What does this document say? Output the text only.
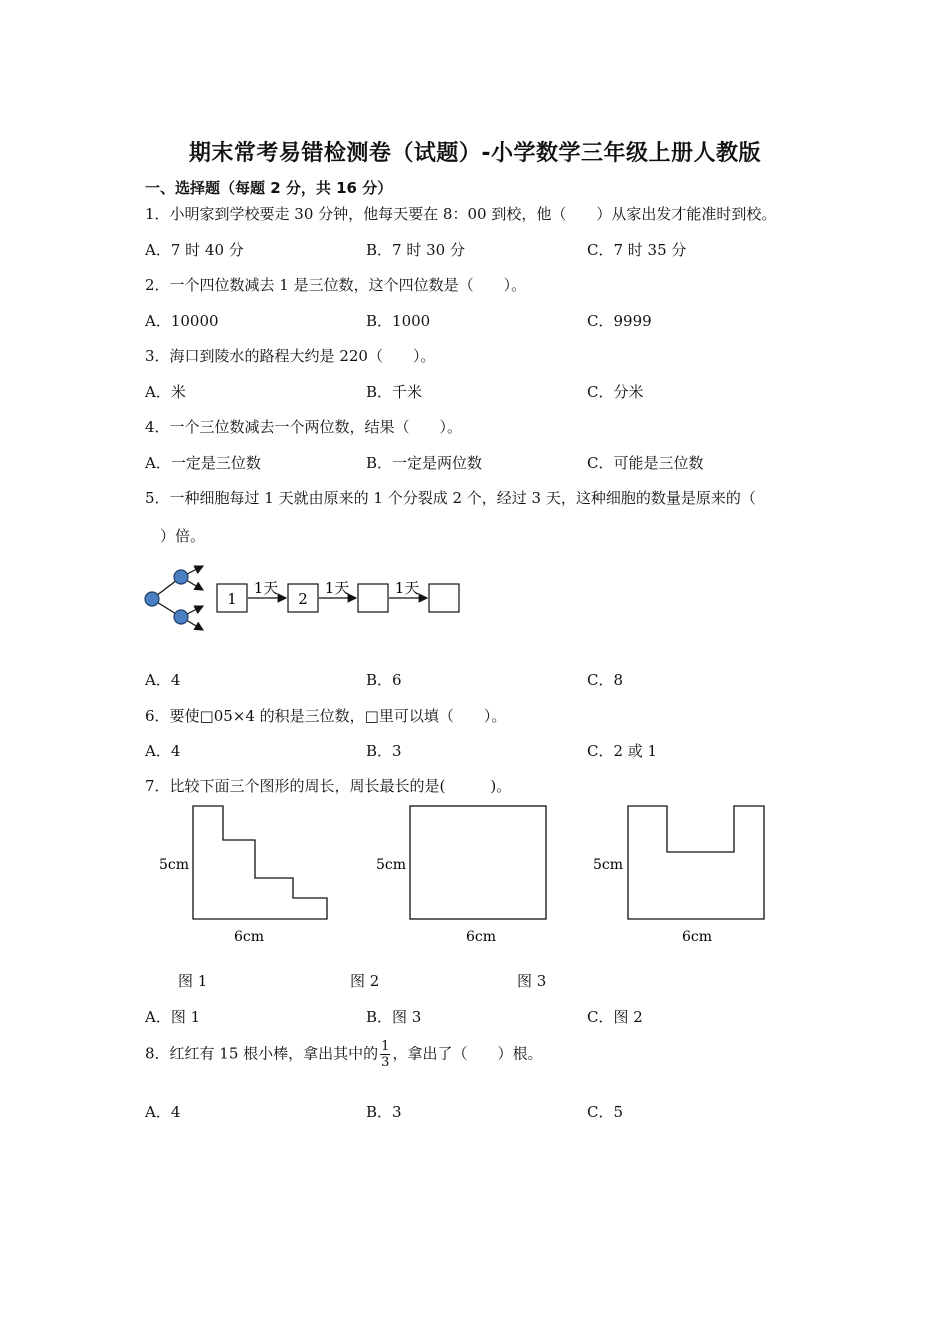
期末常考易错检测卷（试题）-小学数学三年级上册人教版
一、选择题（每题 2 分，共 16 分）
1．小明家到学校要走 30 分钟，他每天要在 8：00 到校，他（　　）从家出发才能准时到校。
A．7 时 40 分	B．7 时 30 分	C．7 时 35 分
2．一个四位数减去 1 是三位数，这个四位数是（　　）。
A．10000	B．1000	C．9999
3．海口到陵水的路程大约是 220（　　）。
A．米	B．千米	C．分米
4．一个三位数减去一个两位数，结果（　　）。
A．一定是三位数	B．一定是两位数	C．可能是三位数
5．一种细胞每过 1 天就由原来的 1 个分裂成 2 个，经过 3 天，这种细胞的数量是原来的（
　）倍。
1
1天
2
1天	1天
A．4	B．6	C．8
6．要使□05×4 的积是三位数，□里可以填（　　）。
A．4	B．3	C．2 或 1
7．比较下面三个图形的周长，周长最长的是(　　　)。
5cm
6cm
5cm
6cm
5cm
6cm
图 1	图 2	图 3
A．图 1	B．图 3	C．图 2
8．红红有 15 根小棒，拿出其中的 $\frac{1}{3}$ ，拿出了（　　）根。
A．4	B．3	C．5
